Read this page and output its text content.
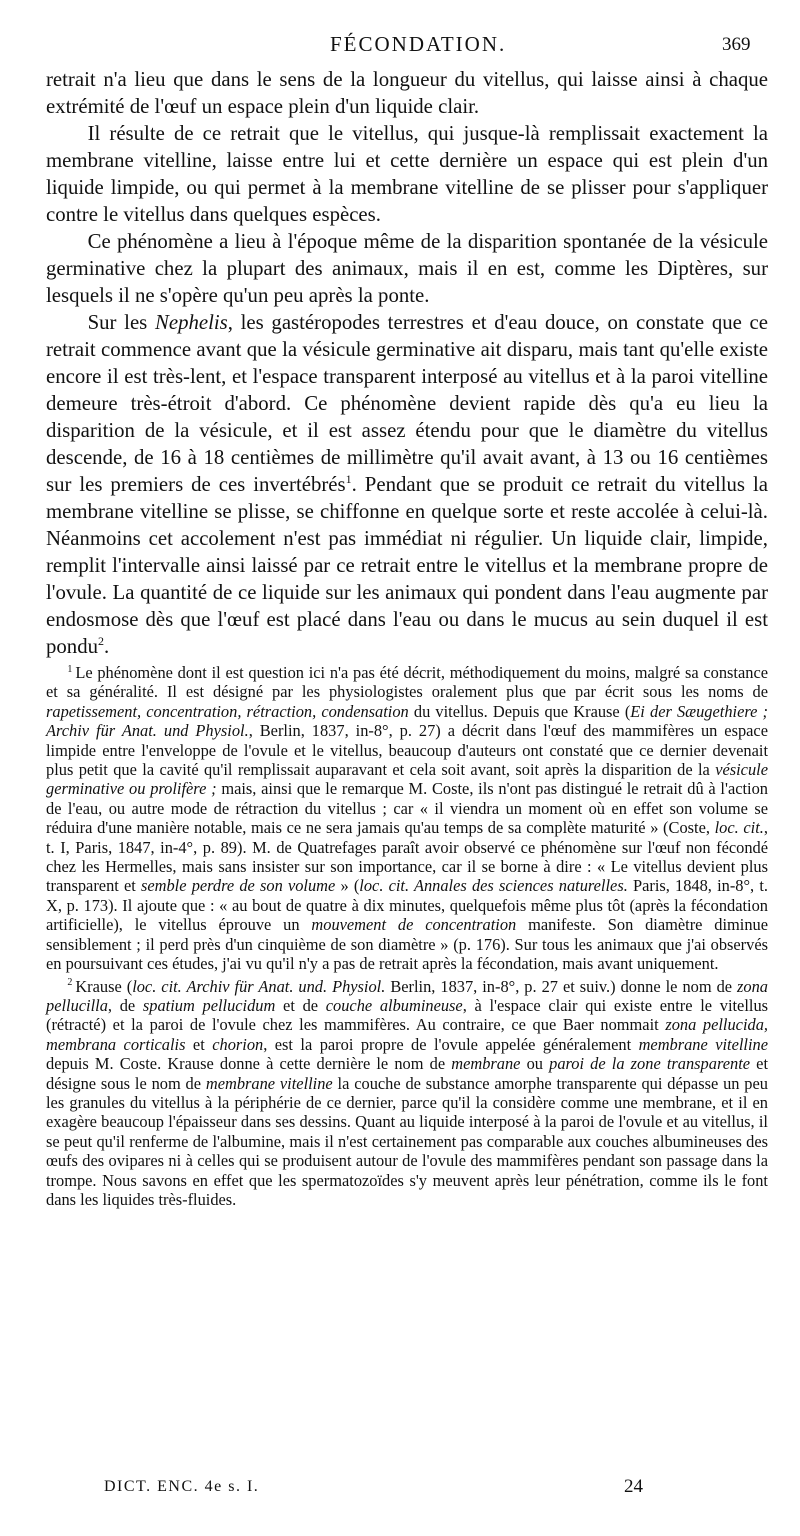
FÉCONDATION.	369

retrait n'a lieu que dans le sens de la longueur du vitellus, qui laisse ainsi à chaque extrémité de l'œuf un espace plein d'un liquide clair.

Il résulte de ce retrait que le vitellus, qui jusque-là remplissait exactement la membrane vitelline, laisse entre lui et cette dernière un espace qui est plein d'un liquide limpide, ou qui permet à la membrane vitelline de se plisser pour s'appliquer contre le vitellus dans quelques espèces.

Ce phénomène a lieu à l'époque même de la disparition spontanée de la vésicule germinative chez la plupart des animaux, mais il en est, comme les Diptères, sur lesquels il ne s'opère qu'un peu après la ponte.

Sur les Nephelis, les gastéropodes terrestres et d'eau douce, on constate que ce retrait commence avant que la vésicule germinative ait disparu, mais tant qu'elle existe encore il est très-lent, et l'espace transparent interposé au vitellus et à la paroi vitelline demeure très-étroit d'abord. Ce phénomène devient rapide dès qu'a eu lieu la disparition de la vésicule, et il est assez étendu pour que le diamètre du vitellus descende, de 16 à 18 centièmes de millimètre qu'il avait avant, à 13 ou 16 centièmes sur les premiers de ces invertébrés$^1$. Pendant que se produit ce retrait du vitellus la membrane vitelline se plisse, se chiffonne en quelque sorte et reste accolée à celui-là. Néanmoins cet accolement n'est pas immédiat ni régulier. Un liquide clair, limpide, remplit l'intervalle ainsi laissé par ce retrait entre le vitellus et la membrane propre de l'ovule. La quantité de ce liquide sur les animaux qui pondent dans l'eau augmente par endosmose dès que l'œuf est placé dans l'eau ou dans le mucus au sein duquel il est pondu$^2$.

$^1$ Le phénomène dont il est question ici n'a pas été décrit, méthodiquement du moins, malgré sa constance et sa généralité. Il est désigné par les physiologistes oralement plus que par écrit sous les noms de rapetissement, concentration, rétraction, condensation du vitellus. Depuis que Krause (Ei der Sæugethiere ; Archiv für Anat. und Physiol., Berlin, 1837, in-8°, p. 27) a décrit dans l'œuf des mammifères un espace limpide entre l'enveloppe de l'ovule et le vitellus, beaucoup d'auteurs ont constaté que ce dernier devenait plus petit que la cavité qu'il remplissait auparavant et cela soit avant, soit après la disparition de la vésicule germinative ou prolifère ; mais, ainsi que le remarque M. Coste, ils n'ont pas distingué le retrait dû à l'action de l'eau, ou autre mode de rétraction du vitellus ; car « il viendra un moment où en effet son volume se réduira d'une manière notable, mais ce ne sera jamais qu'au temps de sa complète maturité » (Coste, loc. cit., t. I, Paris, 1847, in-4°, p. 89). M. de Quatrefages paraît avoir observé ce phénomène sur l'œuf non fécondé chez les Hermelles, mais sans insister sur son importance, car il se borne à dire : « Le vitellus devient plus transparent et semble perdre de son volume » (loc. cit. Annales des sciences naturelles. Paris, 1848, in-8°, t. X, p. 173). Il ajoute que : « au bout de quatre à dix minutes, quelquefois même plus tôt (après la fécondation artificielle), le vitellus éprouve un mouvement de concentration manifeste. Son diamètre diminue sensiblement ; il perd près d'un cinquième de son diamètre » (p. 176). Sur tous les animaux que j'ai observés en poursuivant ces études, j'ai vu qu'il n'y a pas de retrait après la fécondation, mais avant uniquement.

$^2$ Krause (loc. cit. Archiv für Anat. und. Physiol. Berlin, 1837, in-8°, p. 27 et suiv.) donne le nom de zona pellucilla, de spatium pellucidum et de couche albumineuse, à l'espace clair qui existe entre le vitellus (rétracté) et la paroi de l'ovule chez les mammifères. Au contraire, ce que Baer nommait zona pellucida, membrana corticalis et chorion, est la paroi propre de l'ovule appelée généralement membrane vitelline depuis M. Coste. Krause donne à cette dernière le nom de membrane ou paroi de la zone transparente et désigne sous le nom de membrane vitelline la couche de substance amorphe transparente qui dépasse un peu les granules du vitellus à la périphérie de ce dernier, parce qu'il la considère comme une membrane, et il en exagère beaucoup l'épaisseur dans ses dessins. Quant au liquide interposé à la paroi de l'ovule et au vitellus, il se peut qu'il renferme de l'albumine, mais il n'est certainement pas comparable aux couches albumineuses des œufs des ovipares ni à celles qui se produisent autour de l'ovule des mammifères pendant son passage dans la trompe. Nous savons en effet que les spermatozoïdes s'y meuvent après leur pénétration, comme ils le font dans les liquides très-fluides.

DICT. ENC. 4e s. I.	24
